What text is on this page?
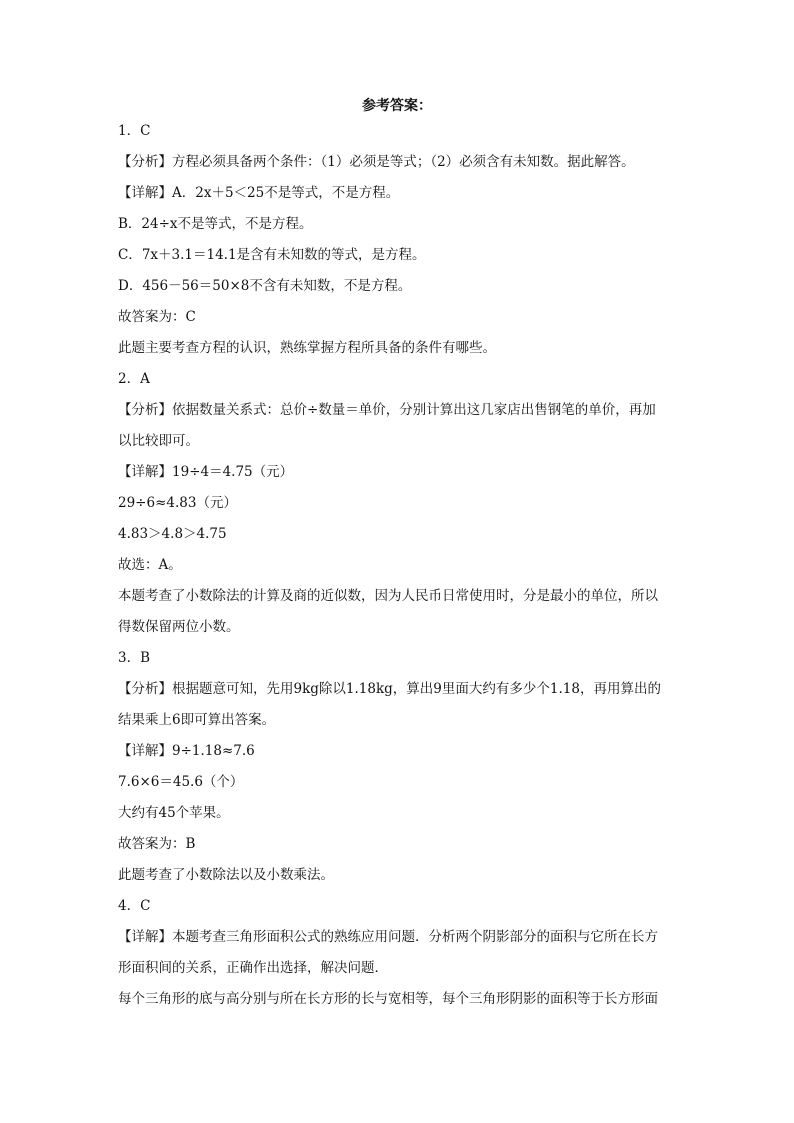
参考答案：
1．C
【分析】方程必须具备两个条件：（1）必须是等式；（2）必须含有未知数。据此解答。
【详解】A．2x＋5＜25不是等式，不是方程。
B．24÷x不是等式，不是方程。
C．7x＋3.1＝14.1是含有未知数的等式，是方程。
D．456－56＝50×8不含有未知数，不是方程。
故答案为：C
此题主要考查方程的认识，熟练掌握方程所具备的条件有哪些。
2．A
【分析】依据数量关系式：总价÷数量＝单价，分别计算出这几家店出售钢笔的单价，再加
以比较即可。
【详解】19÷4＝4.75（元）
29÷6≈4.83（元）
4.83＞4.8＞4.75
故选：A。
本题考查了小数除法的计算及商的近似数，因为人民币日常使用时，分是最小的单位，所以
得数保留两位小数。
3．B
【分析】根据题意可知，先用9kg除以1.18kg，算出9里面大约有多少个1.18，再用算出的
结果乘上6即可算出答案。
【详解】9÷1.18≈7.6
7.6×6＝45.6（个）
大约有45个苹果。
故答案为：B
此题考查了小数除法以及小数乘法。
4．C
【详解】本题考查三角形面积公式的熟练应用问题．分析两个阴影部分的面积与它所在长方
形面积间的关系，正确作出选择，解决问题．
每个三角形的底与高分别与所在长方形的长与宽相等，每个三角形阴影的面积等于长方形面
